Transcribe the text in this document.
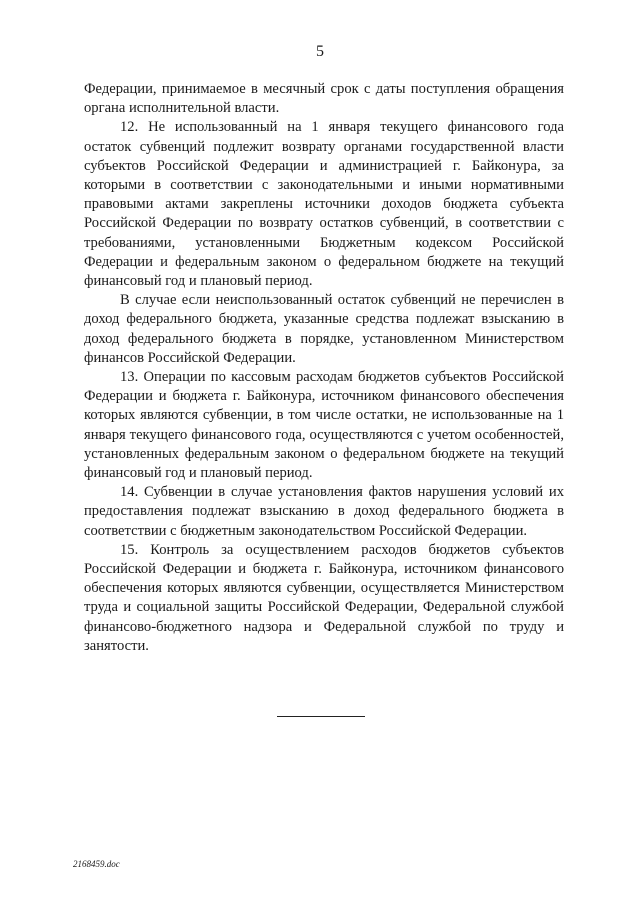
5

Федерации, принимаемое в месячный срок с даты поступления обращения органа исполнительной власти.

12. Не использованный на 1 января текущего финансового года остаток субвенций подлежит возврату органами государственной власти субъектов Российской Федерации и администрацией г. Байконура, за которыми в соответствии с законодательными и иными нормативными правовыми актами закреплены источники доходов бюджета субъекта Российской Федерации по возврату остатков субвенций, в соответствии с требованиями, установленными Бюджетным кодексом Российской Федерации и федеральным законом о федеральном бюджете на текущий финансовый год и плановый период.

В случае если неиспользованный остаток субвенций не перечислен в доход федерального бюджета, указанные средства подлежат взысканию в доход федерального бюджета в порядке, установленном Министерством финансов Российской Федерации.

13. Операции по кассовым расходам бюджетов субъектов Российской Федерации и бюджета г. Байконура, источником финансового обеспечения которых являются субвенции, в том числе остатки, не использованные на 1 января текущего финансового года, осуществляются с учетом особенностей, установленных федеральным законом о федеральном бюджете на текущий финансовый год и плановый период.

14. Субвенции в случае установления фактов нарушения условий их предоставления подлежат взысканию в доход федерального бюджета в соответствии с бюджетным законодательством Российской Федерации.

15. Контроль за осуществлением расходов бюджетов субъектов Российской Федерации и бюджета г. Байконура, источником финансового обеспечения которых являются субвенции, осуществляется Министерством труда и социальной защиты Российской Федерации, Федеральной службой финансово-бюджетного надзора и Федеральной службой по труду и занятости.

2168459.doc
